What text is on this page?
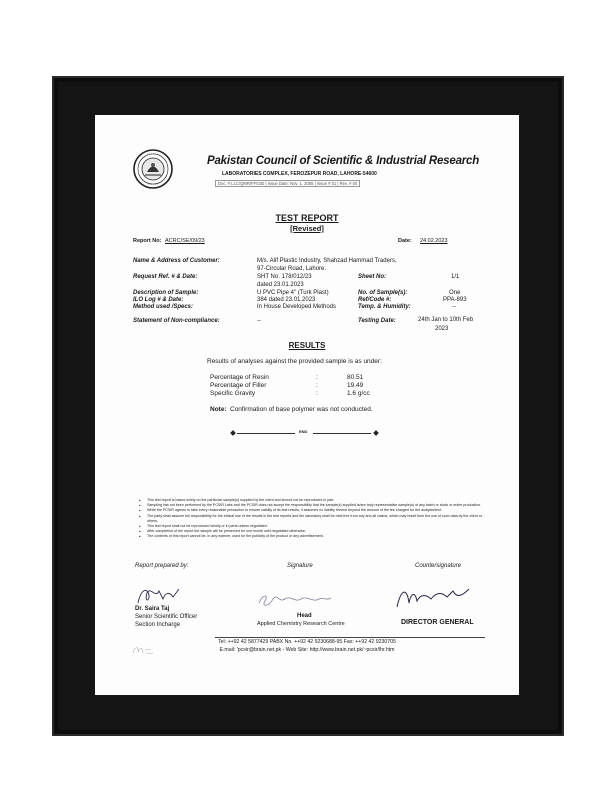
Pakistan Council of Scientific & Industrial Research
LABORATORIES COMPLEX, FEROZEPUR ROAD, LAHORE-54600
Doc. # LLC/QMR/FF/030 | Issue Date: Nov. 1, 2005 | Issue # 01 | Rev. # 00
TEST REPORT
[Revised]
Report No: ACRC/SE/09/23	Date: 24.02.2023
Name & Address of Customer:	M/s. Alif Plastic Industry, Shahzad Hammad Traders,
97-Circular Road, Lahore.
Request Ref. # & Date:	SHT No. 178/012/23
dated 23.01.2023
Sheet No:	1/1
Description of Sample:	U PVC Pipe 4" (Turk Plast)	No. of Sample(s):	One
ILO Log # & Date:	384 dated 23.01.2023	Ref/Code #:	PPA-893
Method used /Specs:	In House Developed Methods	Temp. & Humidity:	--
Statement of Non-compliance:	--	Testing Date:	24th Jan to 10th Feb
2023
RESULTS
Results of analyses against the provided sample is as under:
Percentage of Resin	:	80.51
Percentage of Filler	:	19.49
Specific Gravity	:	1.6 g/cc
Note: Confirmation of base polymer was not conducted.
END
• This test report is based solely on the particular sample(s) supplied by the client and should not be reproduced in part.
• Sampling has not been performed by the PCSIR Labs and the PCSIR does not accept the responsibility that the sample(s) supplied is/are truly representative sample(s) of any batch or stock or entire production.
• While the PCSIR agrees to take every reasonable precaution to ensure validity of its test results, it assumes no liability thereof beyond the amount of the fee charged for the analysis/test.
• The party shall assume full responsibility for the ethical use of the results in the test reports and the laboratory shall be held free from any and all claims, which may result from the use of such data by the client or others.
• This test report shall not be reproduced wholly or in parts unless negotiated.
• After completion of the report the sample will be preserved for one month until negotiated otherwise.
• The contents of this report cannot be, in any manner, used for the publicity of the product or any advertisement.
Report prepared by:	Signature	Countersignature
Dr. Saira Taj
Senior Scientific Officer
Section Incharge
Head
Applied Chemistry Research Centre	DIRECTOR GENERAL
Tel: ++92 42 5877429 PABX No. ++92 42 9230688-95 Fax: ++92 42 9230705
E.mail: 'pcsir@brain.net.pk - Web Site: http://www.brain.net.pk/~pcsir/lhr.htm
